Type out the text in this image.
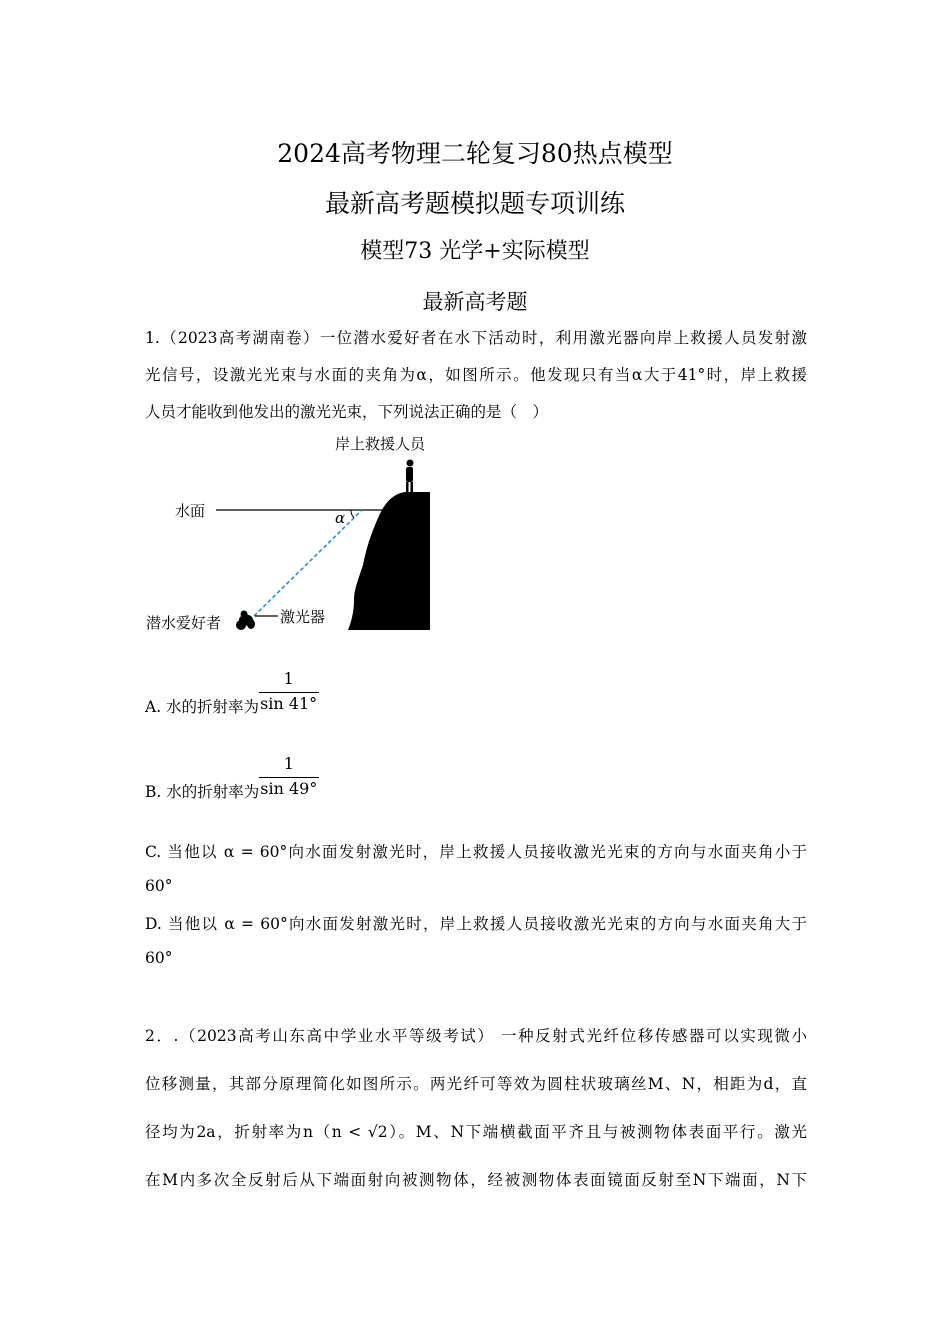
2024高考物理二轮复习80热点模型
最新高考题模拟题专项训练
模型73 光学+实际模型
最新高考题
1.（2023高考湖南卷）一位潜水爱好者在水下活动时，利用激光器向岸上救援人员发射激
光信号，设激光光束与水面的夹角为α，如图所示。他发现只有当α大于41°时，岸上救援
人员才能收到他发出的激光光束，下列说法正确的是（　）
岸上救援人员
水面	α
激光器
潜水爱好者
1
A. 水的折射率为 sin 41°
1
B. 水的折射率为 sin 49°
C. 当他以 α = 60°向水面发射激光时，岸上救援人员接收激光光束的方向与水面夹角小于
60°
D. 当他以 α = 60°向水面发射激光时，岸上救援人员接收激光光束的方向与水面夹角大于
60°
2．.（2023高考山东高中学业水平等级考试） 一种反射式光纤位移传感器可以实现微小
位移测量，其部分原理简化如图所示。两光纤可等效为圆柱状玻璃丝M、N，相距为d，直
径均为2a，折射率为n（n < √2）。M、N下端横截面平齐且与被测物体表面平行。激光
在M内多次全反射后从下端面射向被测物体，经被测物体表面镜面反射至N下端面，N下
